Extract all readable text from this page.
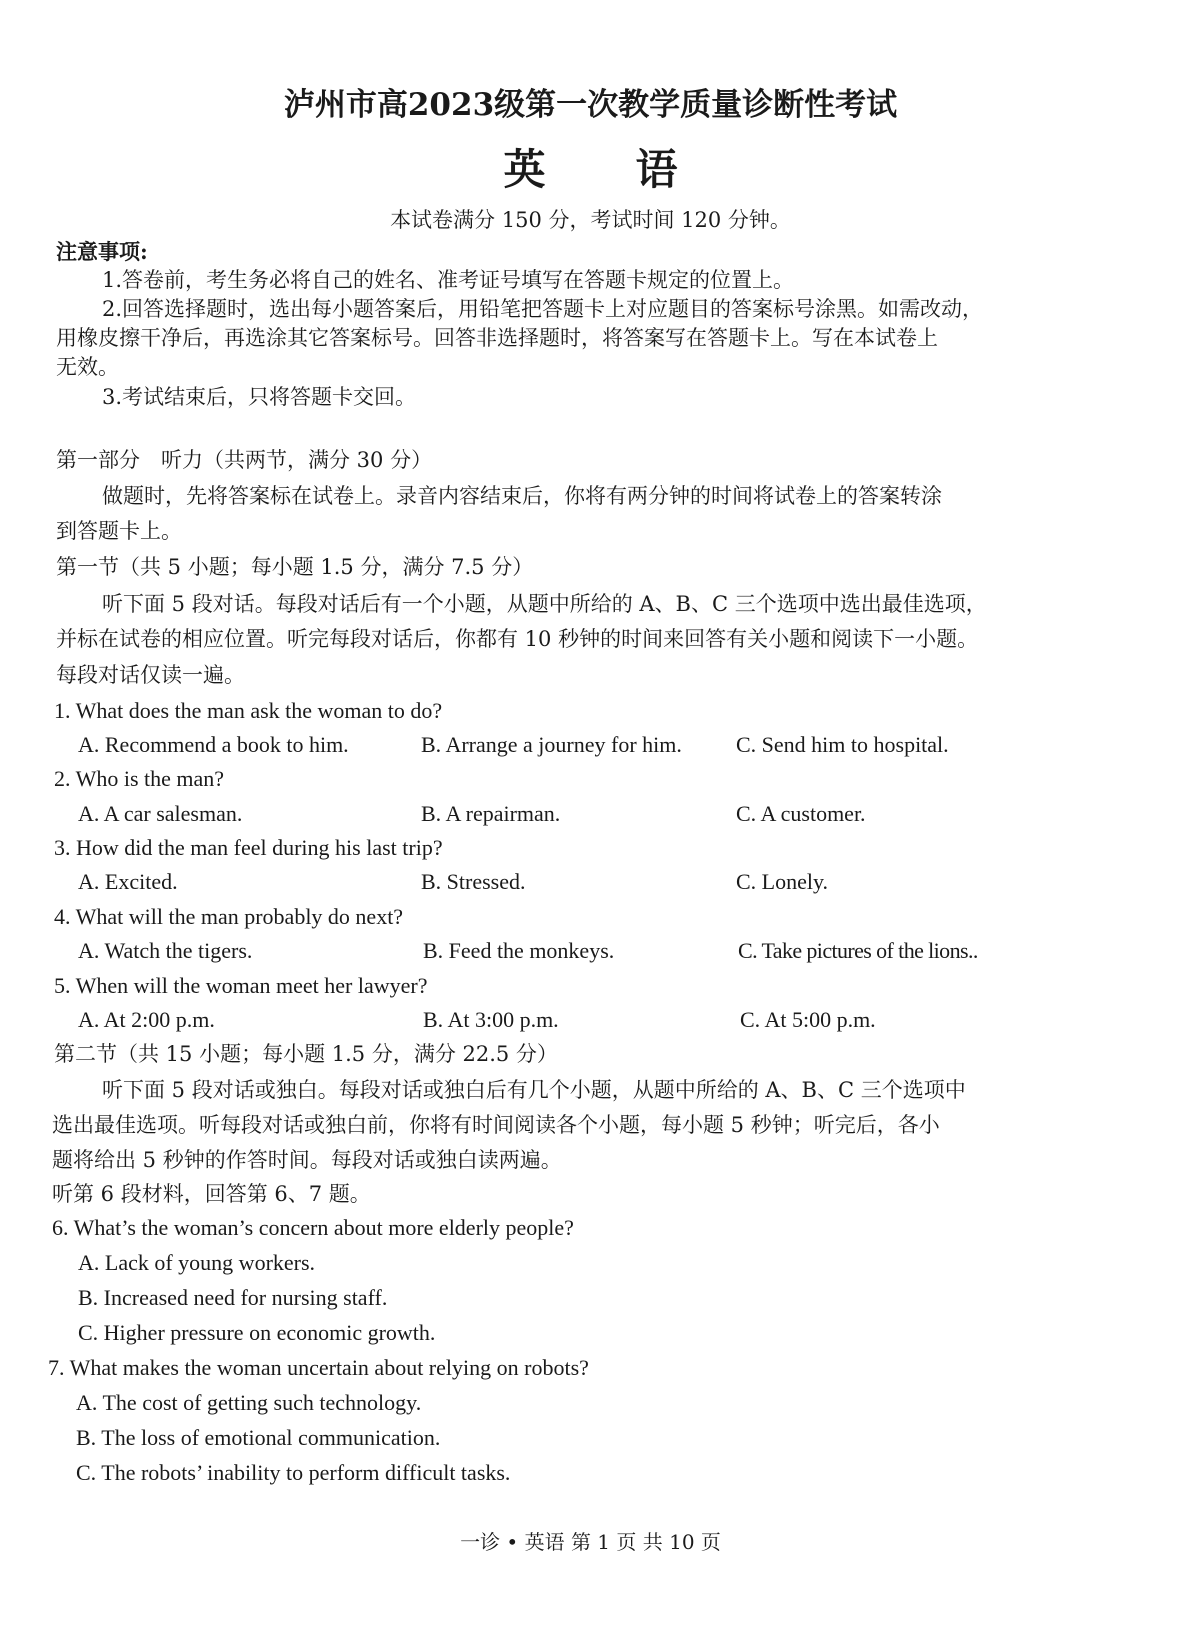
泸州市高2023级第一次教学质量诊断性考试
英语
本试卷满分 150 分，考试时间 120 分钟。
注意事项:
1.答卷前，考生务必将自己的姓名、准考证号填写在答题卡规定的位置上。
2.回答选择题时，选出每小题答案后，用铅笔把答题卡上对应题目的答案标号涂黑。如需改动，
用橡皮擦干净后，再选涂其它答案标号。回答非选择题时，将答案写在答题卡上。写在本试卷上
无效。
3.考试结束后，只将答题卡交回。
第一部分　听力（共两节，满分 30 分）
做题时，先将答案标在试卷上。录音内容结束后，你将有两分钟的时间将试卷上的答案转涂
到答题卡上。
第一节（共 5 小题；每小题 1.5 分，满分 7.5 分）
听下面 5 段对话。每段对话后有一个小题，从题中所给的 A、B、C 三个选项中选出最佳选项，
并标在试卷的相应位置。听完每段对话后，你都有 10 秒钟的时间来回答有关小题和阅读下一小题。
每段对话仅读一遍。
1. What does the man ask the woman to do?
A. Recommend a book to him.	B. Arrange a journey for him. C. Send him to hospital.
2. Who is the man?
A. A car salesman.	B. A repairman.	C. A customer.
3. How did the man feel during his last trip?
A. Excited.	B. Stressed.	C. Lonely.
4. What will the man probably do next?
A. Watch the tigers.	B. Feed the monkeys.	C. Take pictures of the lions..
5. When will the woman meet her lawyer?
A. At 2:00 p.m.	B. At 3:00 p.m.	C. At 5:00 p.m.
第二节（共 15 小题；每小题 1.5 分，满分 22.5 分）
听下面 5 段对话或独白。每段对话或独白后有几个小题，从题中所给的 A、B、C 三个选项中
选出最佳选项。听每段对话或独白前，你将有时间阅读各个小题，每小题 5 秒钟；听完后，各小
题将给出 5 秒钟的作答时间。每段对话或独白读两遍。
听第 6 段材料，回答第 6、7 题。
6. What’s the woman’s concern about more elderly people?
A. Lack of young workers.
B. Increased need for nursing staff.
C. Higher pressure on economic growth.
7. What makes the woman uncertain about relying on robots?
A. The cost of getting such technology.
B. The loss of emotional communication.
C. The robots’ inability to perform difficult tasks.
一诊 • 英语 第 1 页 共 10 页
